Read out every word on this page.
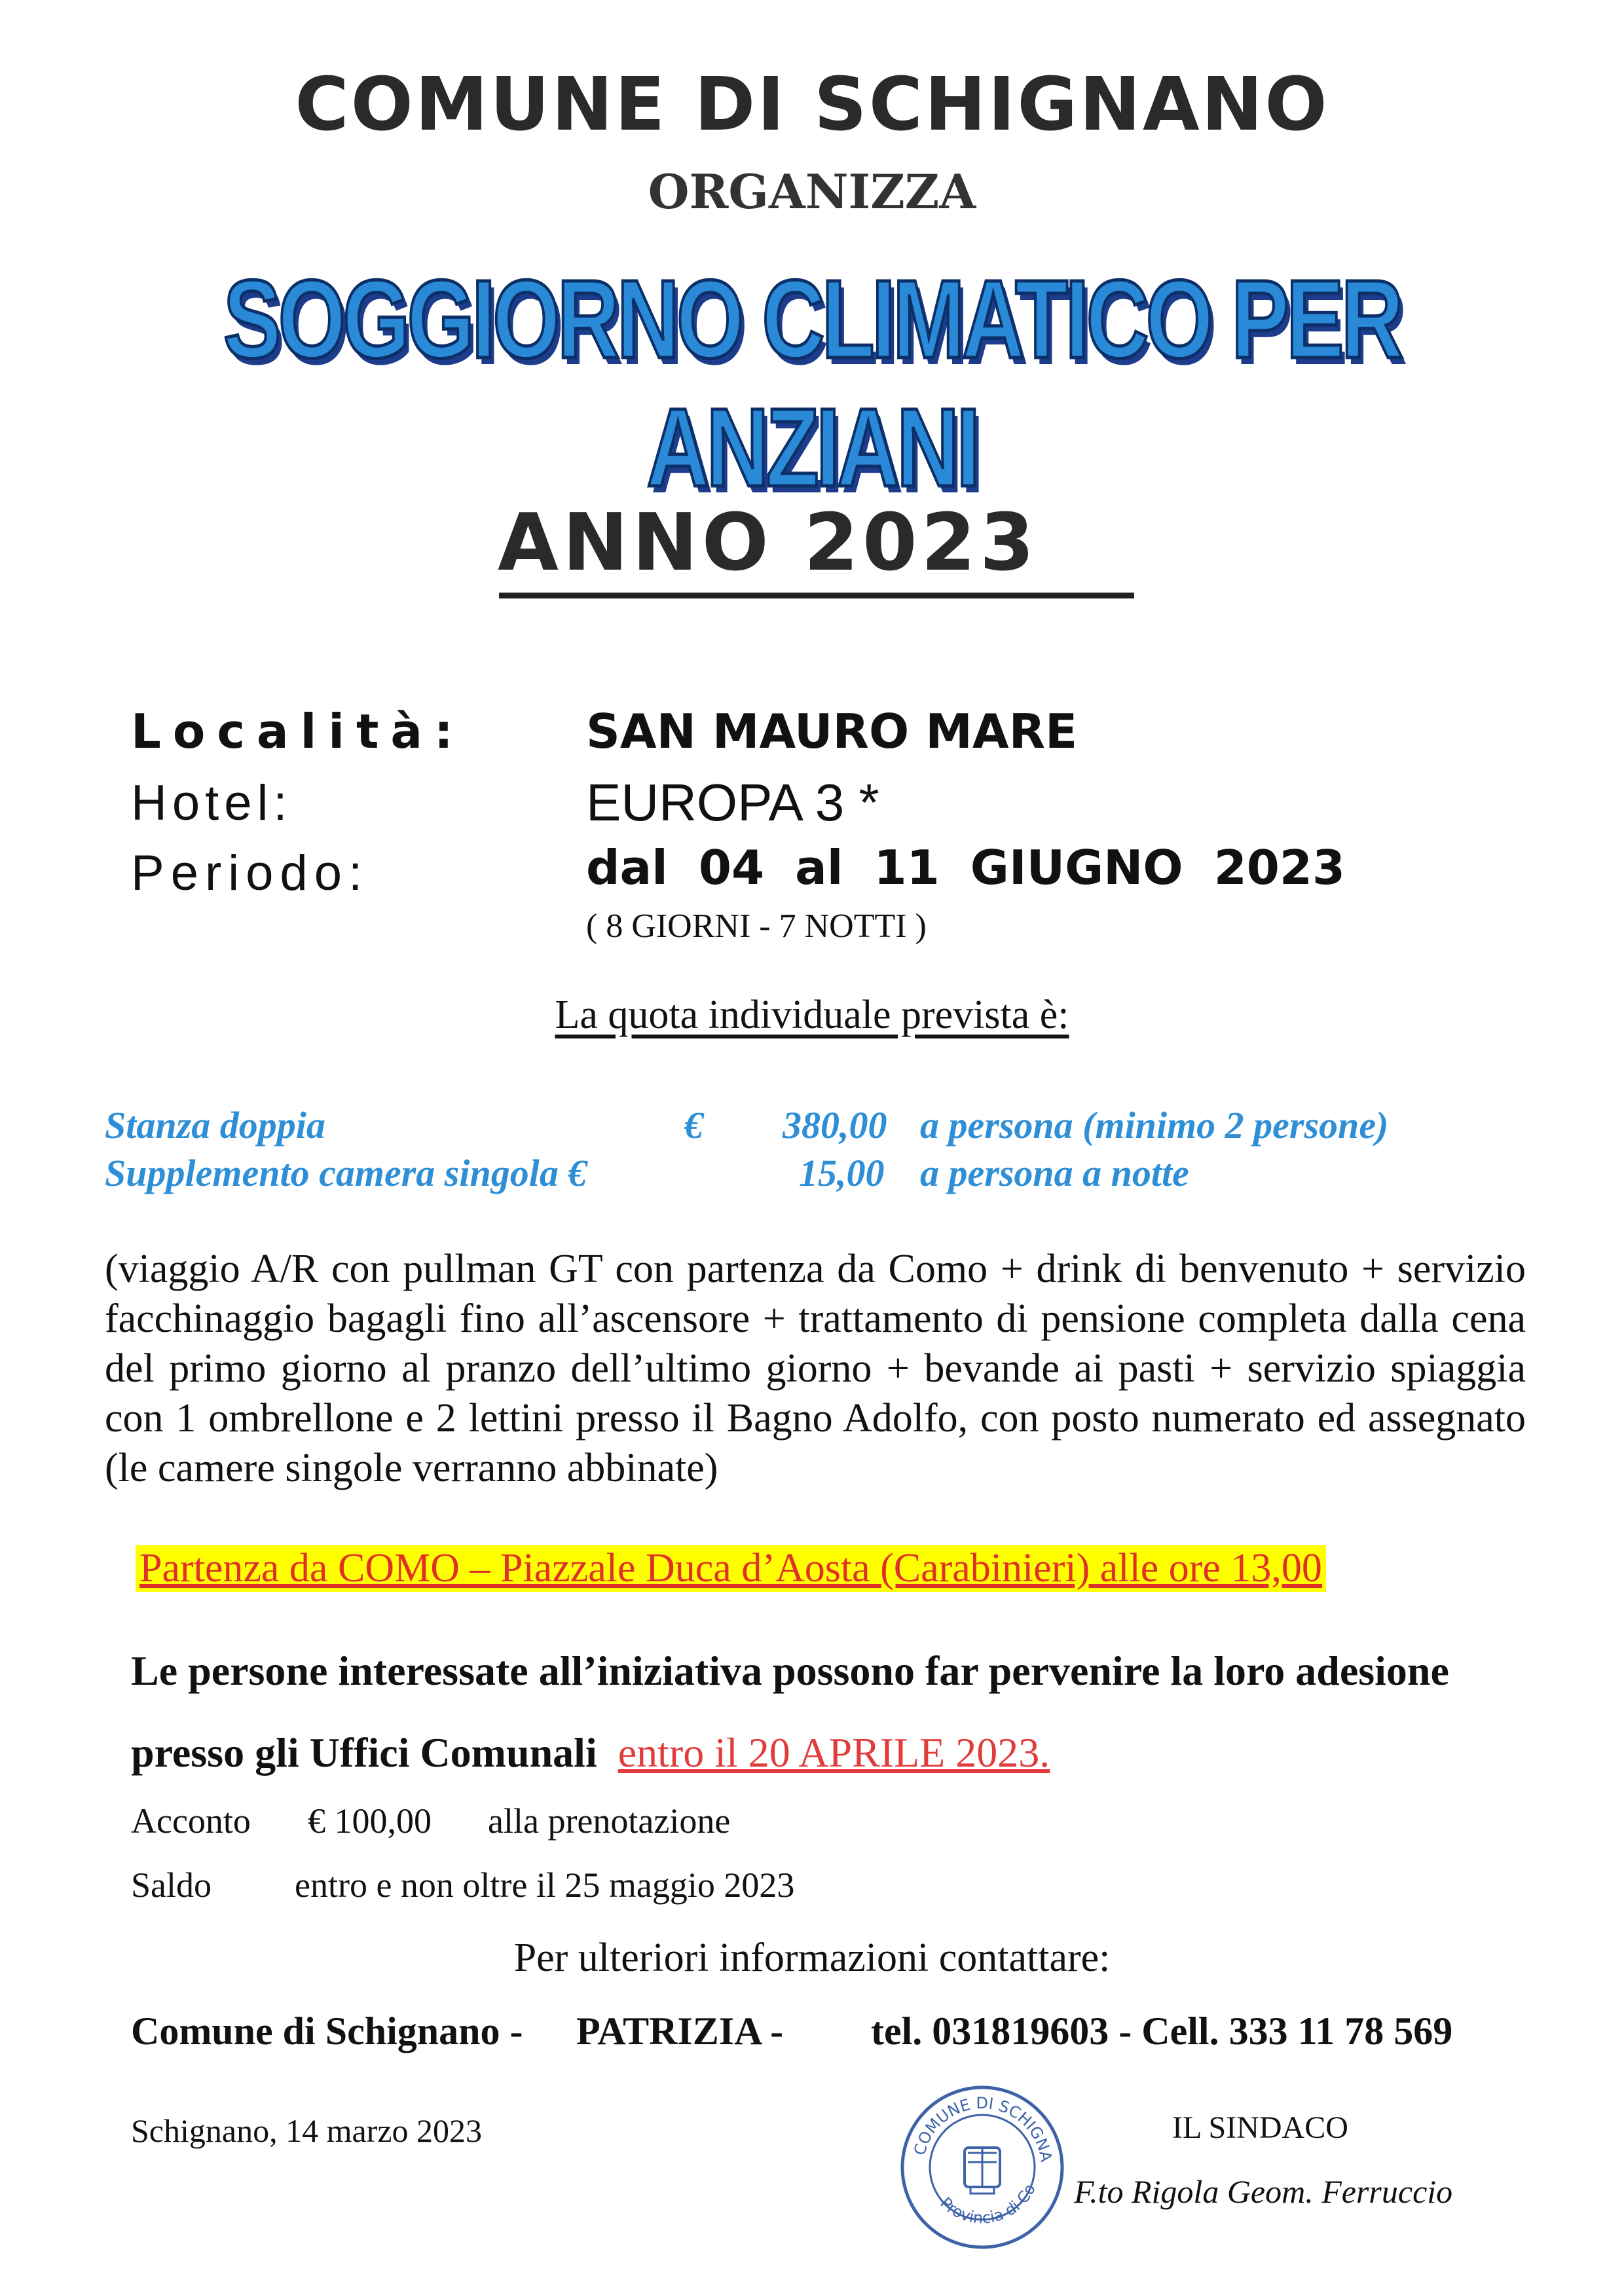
COMUNE DI SCHIGNANO
ORGANIZZA
SOGGIORNO CLIMATICO PER ANZIANI
ANNO 2023
Località:	SAN MAURO MARE
Hotel:	EUROPA 3 *
Periodo:	dal 04 al 11 GIUGNO 2023
( 8 GIORNI - 7 NOTTI )
La quota individuale prevista è:
Stanza doppia	€ 380,00 a persona (minimo 2 persone)
Supplemento camera singola €	15,00 a persona a notte
(viaggio A/R con pullman GT con partenza da Como + drink di benvenuto + servizio facchinaggio bagagli fino all’ascensore + trattamento di pensione completa dalla cena del primo giorno al pranzo dell’ultimo giorno + bevande ai pasti + servizio spiaggia con 1 ombrellone e 2 lettini presso il Bagno Adolfo, con posto numerato ed assegnato (le camere singole verranno abbinate)
Partenza da COMO – Piazzale Duca d’Aosta (Carabinieri) alle ore 13,00
Le persone interessate all’iniziativa possono far pervenire la loro adesione
presso gli Uffici Comunali entro il 20 APRILE 2023.
Acconto € 100,00 alla prenotazione
Saldo entro e non oltre il 25 maggio 2023
Per ulteriori informazioni contattare:
Comune di Schignano - PATRIZIA - tel. 031819603 - Cell. 333 11 78 569
Schignano, 14 marzo 2023
COMUNE DI SCHIGNA
Provincia di Co
IL SINDACO
F.to Rigola Geom. Ferruccio
